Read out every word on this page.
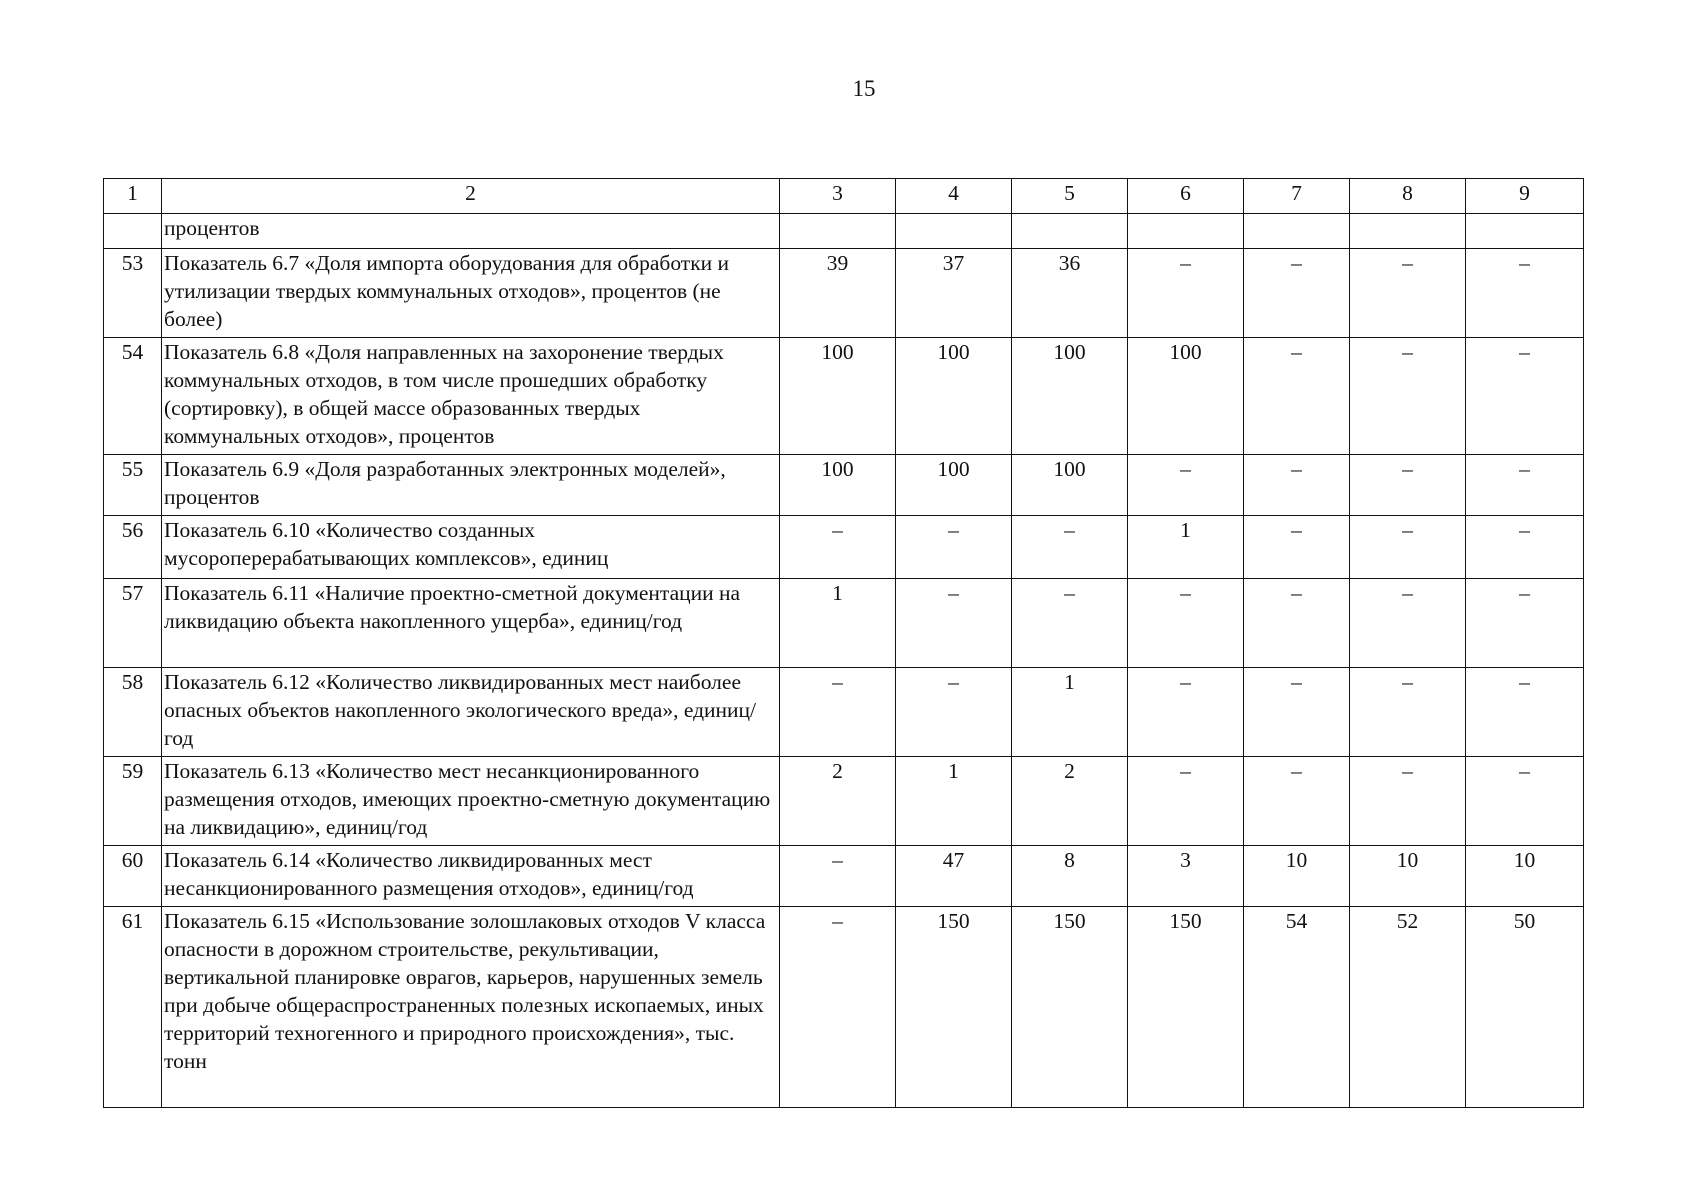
15
1	2	3	4	5	6	7	8	9
	процентов							
53	Показатель 6.7 «Доля импорта оборудования для обработки и утилизации твердых коммунальных отходов», процентов (не более)	39	37	36	–	–	–	–
54	Показатель 6.8 «Доля направленных на захоронение твердых коммунальных отходов, в том числе прошедших обработку (сортировку), в общей массе образованных твердых коммунальных отходов», процентов	100	100	100	100	–	–	–
55	Показатель 6.9 «Доля разработанных электронных моделей», процентов	100	100	100	–	–	–	–
56	Показатель 6.10 «Количество созданных мусороперерабатывающих комплексов», единиц	–	–	–	1	–	–	–
57	Показатель 6.11 «Наличие проектно-сметной документации на ликвидацию объекта накопленного ущерба», единиц/год	1	–	–	–	–	–	–
58	Показатель 6.12 «Количество ликвидированных мест наиболее опасных объектов накопленного экологического вреда», единиц/год	–	–	1	–	–	–	–
59	Показатель 6.13 «Количество мест несанкционированного размещения отходов, имеющих проектно-сметную документацию на ликвидацию», единиц/год	2	1	2	–	–	–	–
60	Показатель 6.14 «Количество ликвидированных мест несанкционированного размещения отходов», единиц/год	–	47	8	3	10	10	10
61	Показатель 6.15 «Использование золошлаковых отходов V класса опасности в дорожном строительстве, рекультивации, вертикальной планировке оврагов, карьеров, нарушенных земель при добыче общераспространенных полезных ископаемых, иных территорий техногенного и природного происхождения», тыс. тонн	–	150	150	150	54	52	50
